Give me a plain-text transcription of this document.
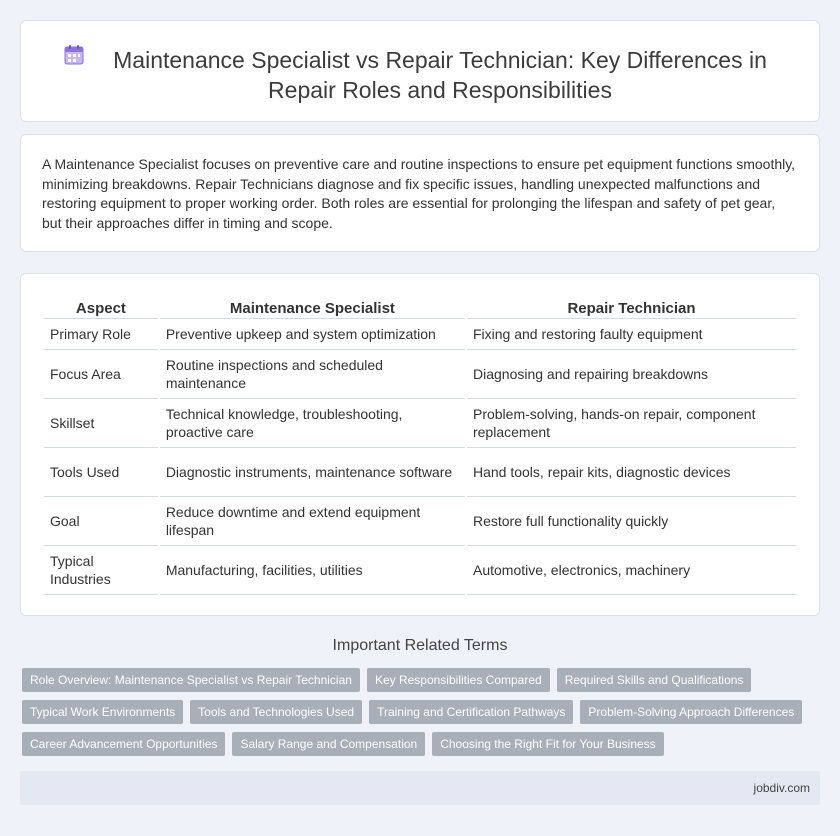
Maintenance Specialist vs Repair Technician: Key Differences in Repair Roles and Responsibilities

A Maintenance Specialist focuses on preventive care and routine inspections to ensure pet equipment functions smoothly, minimizing breakdowns. Repair Technicians diagnose and fix specific issues, handling unexpected malfunctions and restoring equipment to proper working order. Both roles are essential for prolonging the lifespan and safety of pet gear, but their approaches differ in timing and scope.

Aspect	Maintenance Specialist	Repair Technician
Primary Role	Preventive upkeep and system optimization	Fixing and restoring faulty equipment
Focus Area	Routine inspections and scheduled maintenance	Diagnosing and repairing breakdowns
Skillset	Technical knowledge, troubleshooting, proactive care	Problem-solving, hands-on repair, component replacement
Tools Used	Diagnostic instruments, maintenance software	Hand tools, repair kits, diagnostic devices
Goal	Reduce downtime and extend equipment lifespan	Restore full functionality quickly
Typical Industries	Manufacturing, facilities, utilities	Automotive, electronics, machinery
Important Related Terms
Role Overview: Maintenance Specialist vs Repair Technician	Key Responsibilities Compared	Required Skills and Qualifications
Typical Work Environments	Tools and Technologies Used	Training and Certification Pathways	Problem-Solving Approach Differences
Career Advancement Opportunities	Salary Range and Compensation	Choosing the Right Fit for Your Business
jobdiv.com
